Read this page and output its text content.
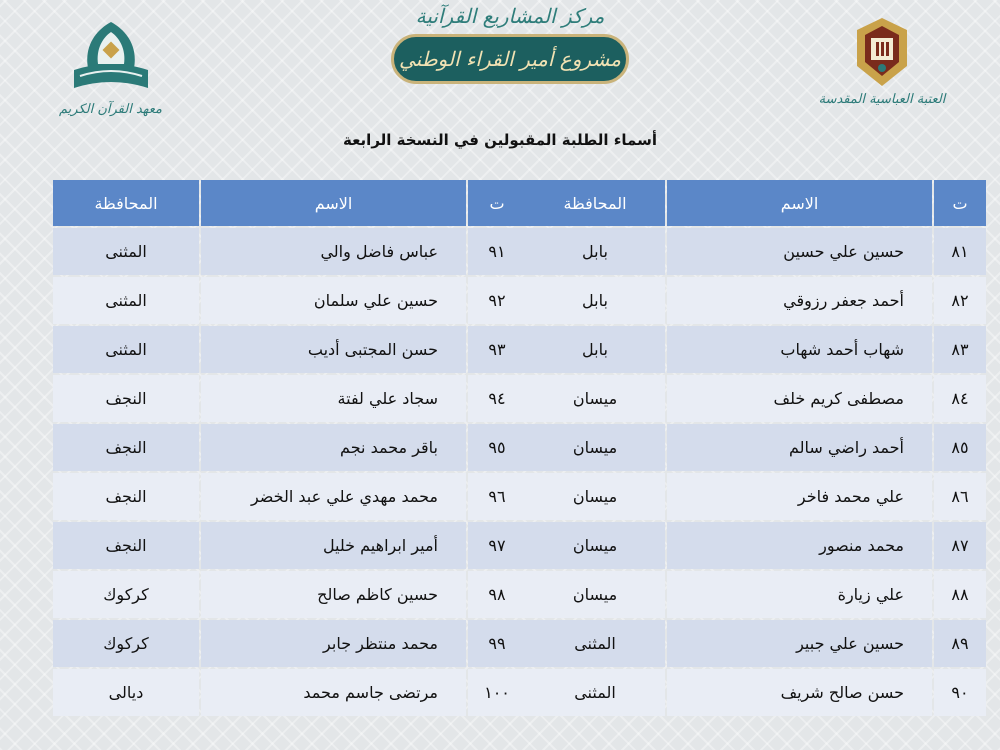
معهد القرآن الكريم
مركز المشاريع القرآنية
مشروع أمير القراء الوطني
العتبة العباسية المقدسة
أسماء الطلبة المقبولين في النسخة الرابعة
ت	الاسم	المحافظة
٨١	حسين علي حسين	بابل
٨٢	أحمد جعفر رزوقي	بابل
٨٣	شهاب أحمد شهاب	بابل
٨٤	مصطفى كريم خلف	ميسان
٨٥	أحمد راضي سالم	ميسان
٨٦	علي محمد فاخر	ميسان
٨٧	محمد منصور	ميسان
٨٨	علي زيارة	ميسان
٨٩	حسين علي جبير	المثنى
٩٠	حسن صالح شريف	المثنى
ت	الاسم	المحافظة
٩١	عباس فاضل والي	المثنى
٩٢	حسين علي سلمان	المثنى
٩٣	حسن المجتبى أديب	المثنى
٩٤	سجاد علي لفتة	النجف
٩٥	باقر محمد نجم	النجف
٩٦	محمد مهدي علي عبد الخضر	النجف
٩٧	أمير ابراهيم خليل	النجف
٩٨	حسين كاظم صالح	كركوك
٩٩	محمد منتظر جابر	كركوك
١٠٠	مرتضى جاسم محمد	ديالى
